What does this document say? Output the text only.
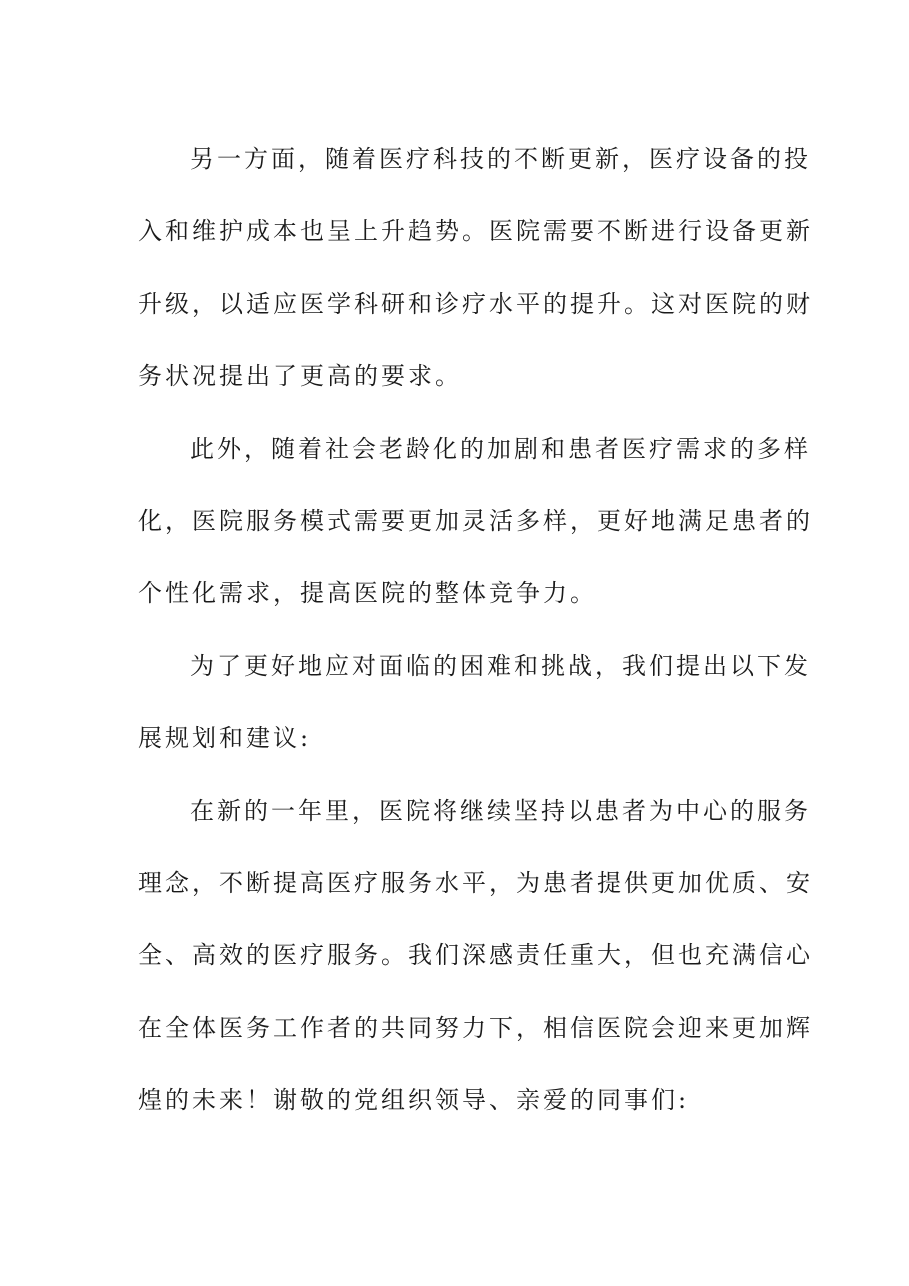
另一方面，随着医疗科技的不断更新，医疗设备的投
入和维护成本也呈上升趋势。医院需要不断进行设备更新
升级，以适应医学科研和诊疗水平的提升。这对医院的财
务状况提出了更高的要求。
此外，随着社会老龄化的加剧和患者医疗需求的多样
化，医院服务模式需要更加灵活多样，更好地满足患者的
个性化需求，提高医院的整体竞争力。
为了更好地应对面临的困难和挑战，我们提出以下发
展规划和建议:
在新的一年里，医院将继续坚持以患者为中心的服务
理念，不断提高医疗服务水平，为患者提供更加优质、安
全、高效的医疗服务。我们深感责任重大，但也充满信心
在全体医务工作者的共同努力下，相信医院会迎来更加辉
煌的未来！谢敬的党组织领导、亲爱的同事们:
